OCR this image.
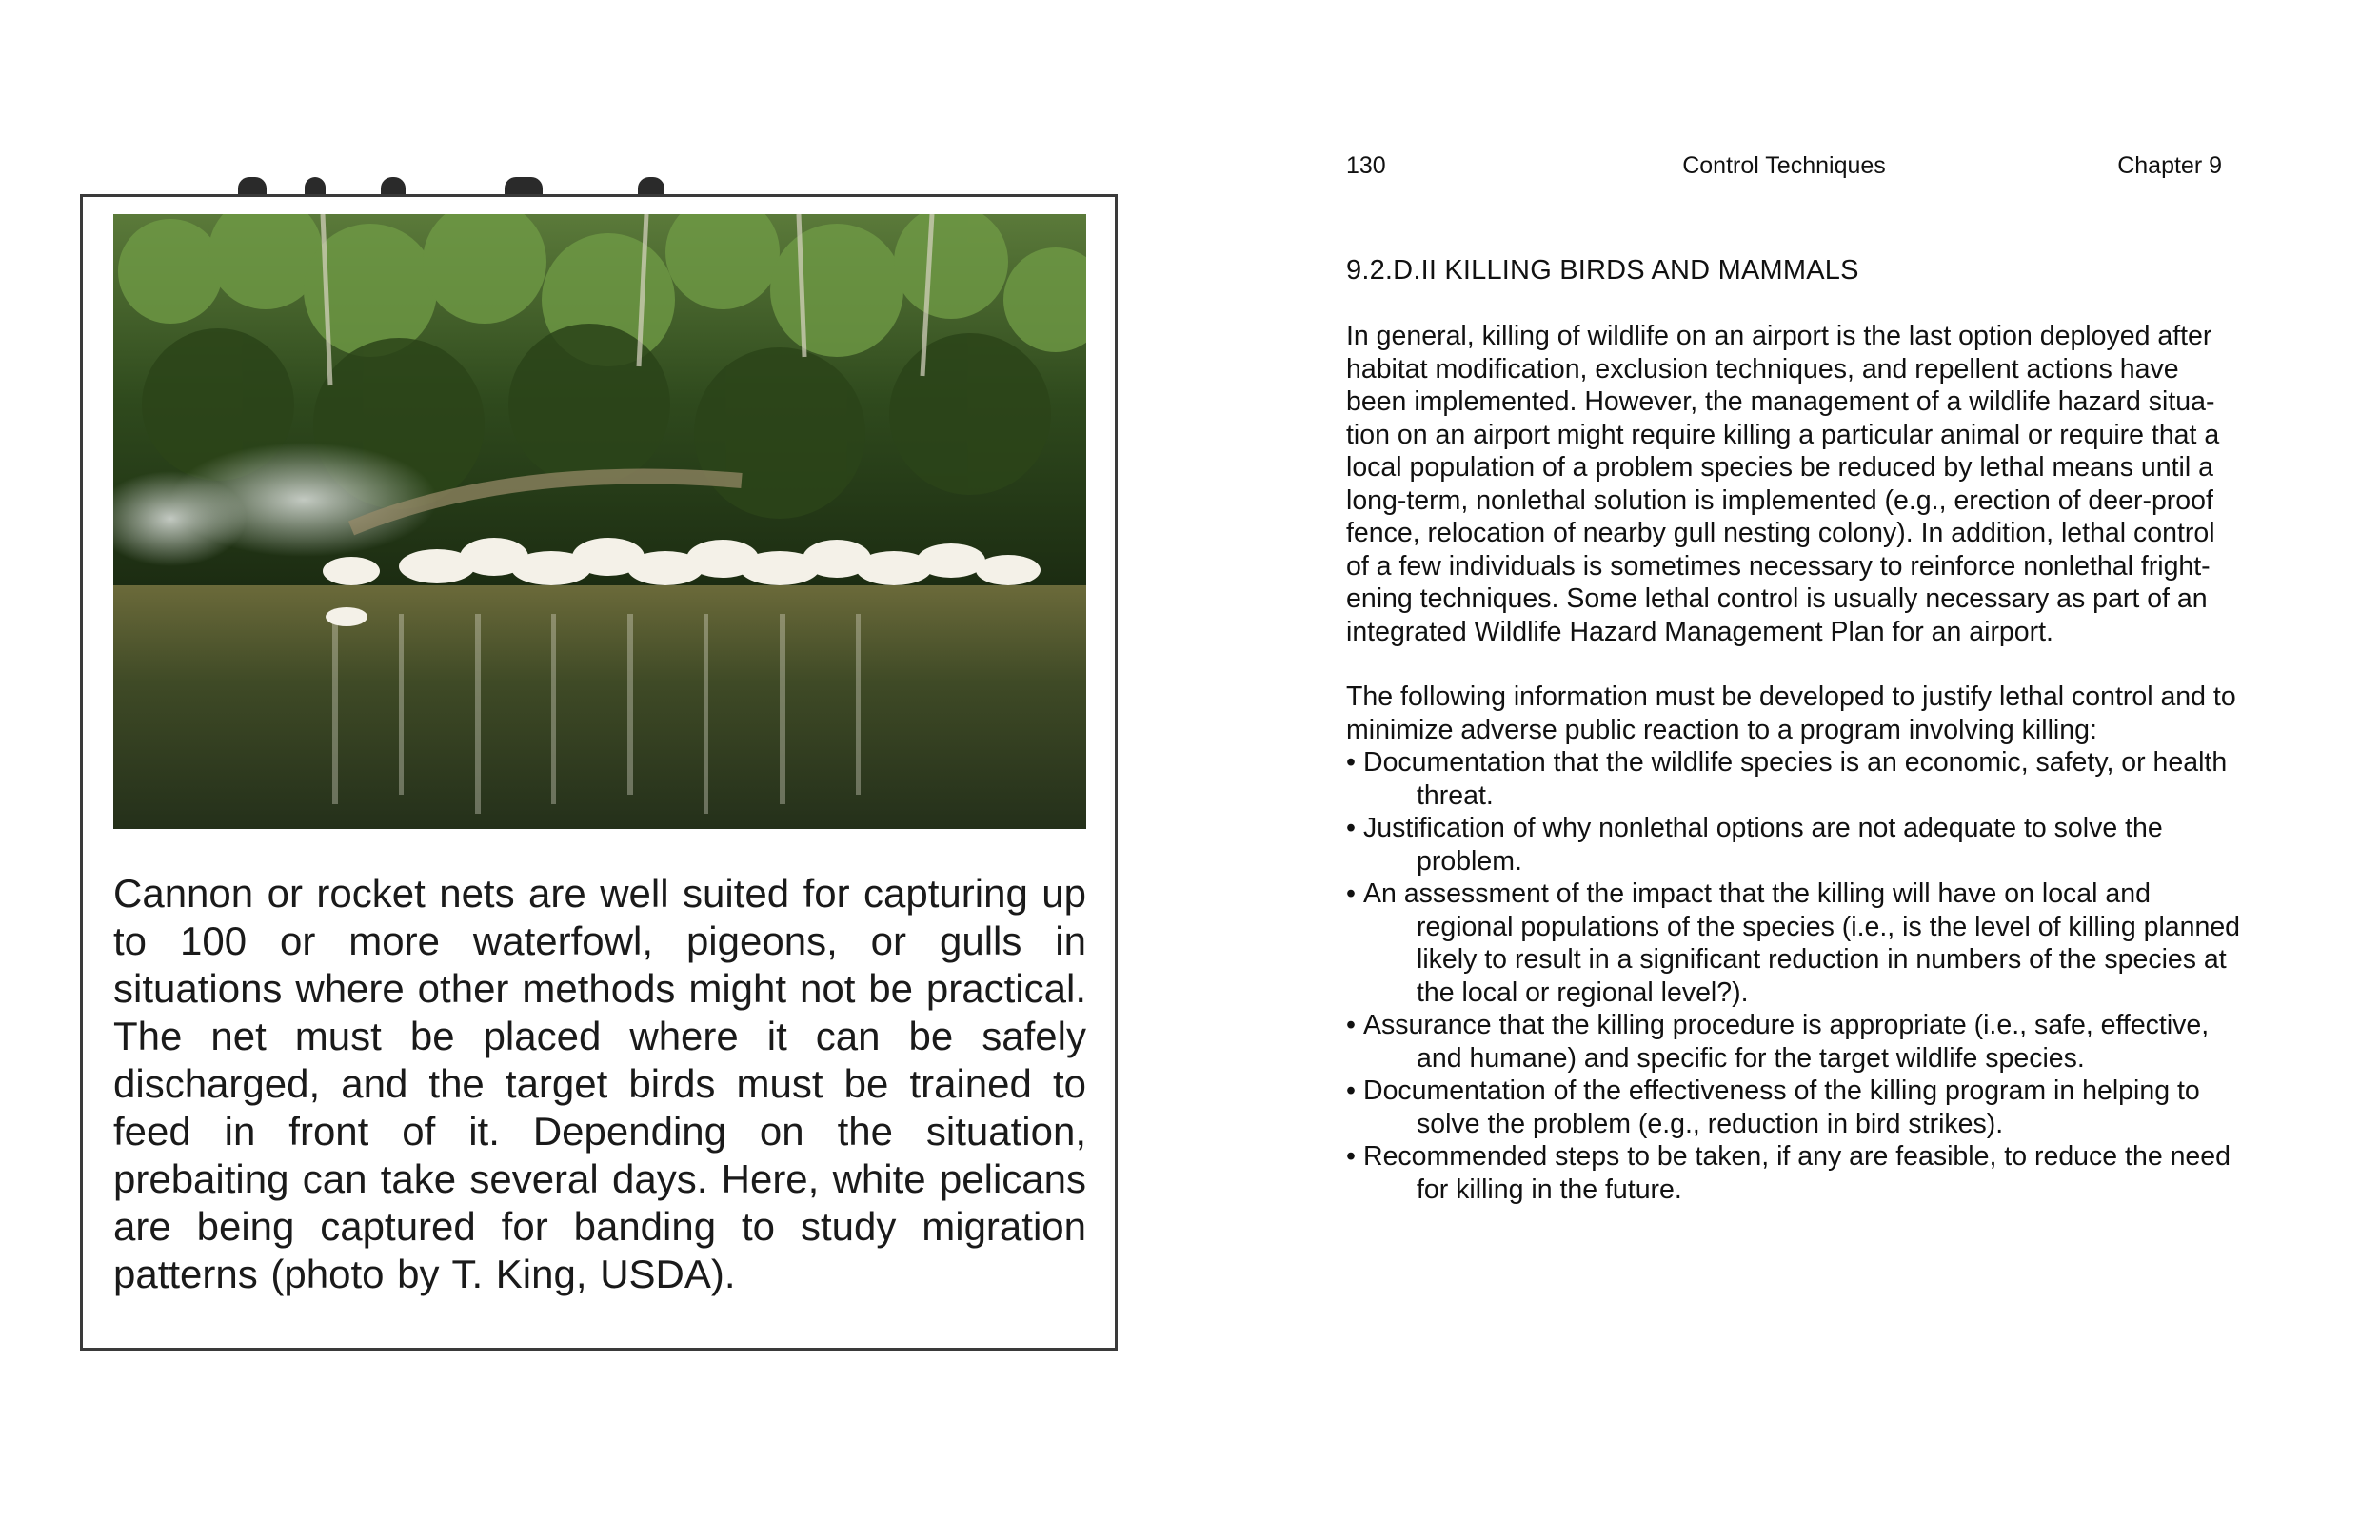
Cannon or rocket nets are well suited for capturing up to 100 or more waterfowl, pigeons, or gulls in situations where other methods might not be practical. The net must be placed where it can be safely discharged, and the target birds must be trained to feed in front of it. Depending on the situation, prebaiting can take several days. Here, white pelicans are being captured for banding to study migration patterns (photo by T. King, USDA).
130	Control Techniques	Chapter 9
9.2.D.II KILLING BIRDS AND MAMMALS
In general, killing of wildlife on an airport is the last option deployed after habitat modification, exclusion techniques, and repellent actions have been implemented. However, the management of a wildlife hazard situa-tion on an airport might require killing a particular animal or require that a local population of a problem species be reduced by lethal means until a long-term, nonlethal solution is implemented (e.g., erection of deer-proof fence, relocation of nearby gull nesting colony). In addition, lethal control of a few individuals is sometimes necessary to reinforce nonlethal fright-ening techniques. Some lethal control is usually necessary as part of an integrated Wildlife Hazard Management Plan for an airport.
The following information must be developed to justify lethal control and to minimize adverse public reaction to a program involving killing:
• Documentation that the wildlife species is an economic, safety, or health threat.
• Justification of why nonlethal options are not adequate to solve the problem.
• An assessment of the impact that the killing will have on local and regional populations of the species (i.e., is the level of killing planned likely to result in a significant reduction in numbers of the species at the local or regional level?).
• Assurance that the killing procedure is appropriate (i.e., safe, effective, and humane) and specific for the target wildlife species.
• Documentation of the effectiveness of the killing program in helping to solve the problem (e.g., reduction in bird strikes).
• Recommended steps to be taken, if any are feasible, to reduce the need for killing in the future.
